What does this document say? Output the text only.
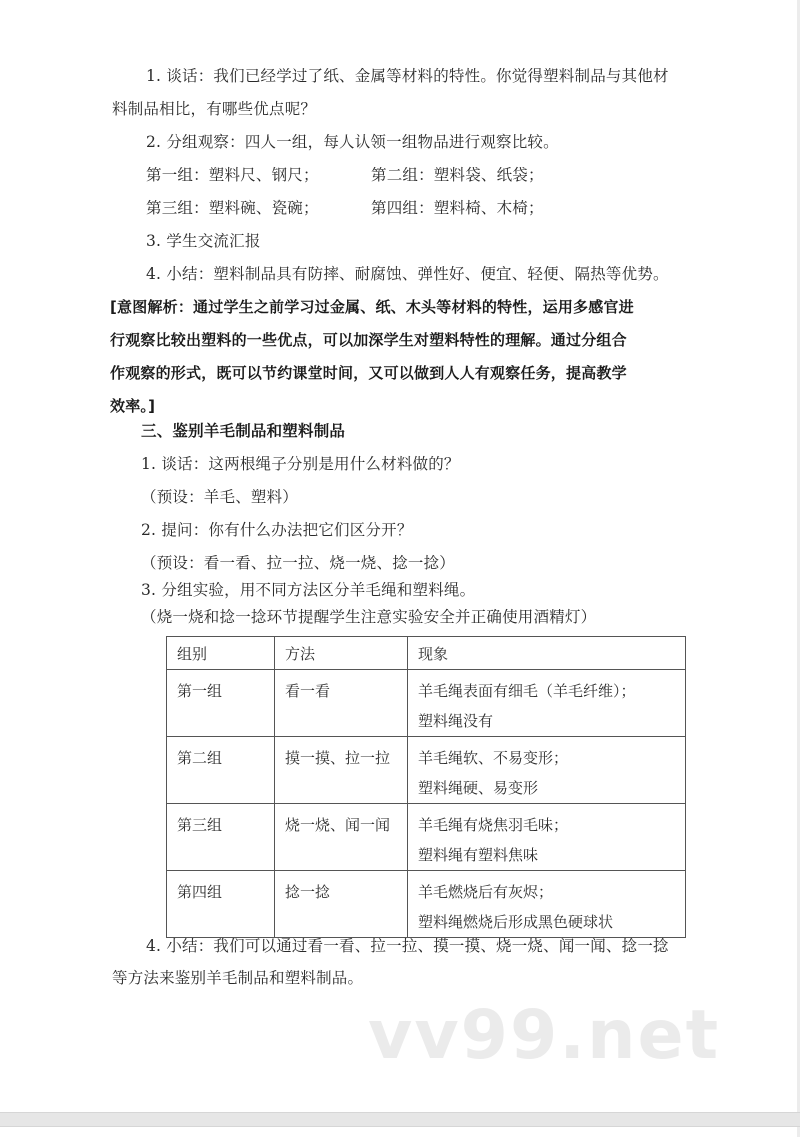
1. 谈话：我们已经学过了纸、金属等材料的特性。你觉得塑料制品与其他材
料制品相比，有哪些优点呢？
2. 分组观察：四人一组，每人认领一组物品进行观察比较。
第一组：塑料尺、钢尺；	第二组：塑料袋、纸袋；
第三组：塑料碗、瓷碗；	第四组：塑料椅、木椅；
3. 学生交流汇报
4. 小结：塑料制品具有防摔、耐腐蚀、弹性好、便宜、轻便、隔热等优势。
[意图解析：通过学生之前学习过金属、纸、木头等材料的特性，运用多感官进
行观察比较出塑料的一些优点，可以加深学生对塑料特性的理解。通过分组合
作观察的形式，既可以节约课堂时间，又可以做到人人有观察任务，提高教学
效率。]
三、鉴别羊毛制品和塑料制品
1. 谈话：这两根绳子分别是用什么材料做的？
（预设：羊毛、塑料）
2. 提问：你有什么办法把它们区分开？
（预设：看一看、拉一拉、烧一烧、捻一捻）
3. 分组实验，用不同方法区分羊毛绳和塑料绳。
（烧一烧和捻一捻环节提醒学生注意实验安全并正确使用酒精灯）
组别	方法	现象
第一组	看一看	羊毛绳表面有细毛（羊毛纤维）；
塑料绳没有

第二组	摸一摸、拉一拉	羊毛绳软、不易变形；
塑料绳硬、易变形

第三组	烧一烧、闻一闻	羊毛绳有烧焦羽毛味；
塑料绳有塑料焦味

第四组	捻一捻	羊毛燃烧后有灰烬；
塑料绳燃烧后形成黑色硬球状
4. 小结：我们可以通过看一看、拉一拉、摸一摸、烧一烧、闻一闻、捻一捻
等方法来鉴别羊毛制品和塑料制品。
vv99.net
